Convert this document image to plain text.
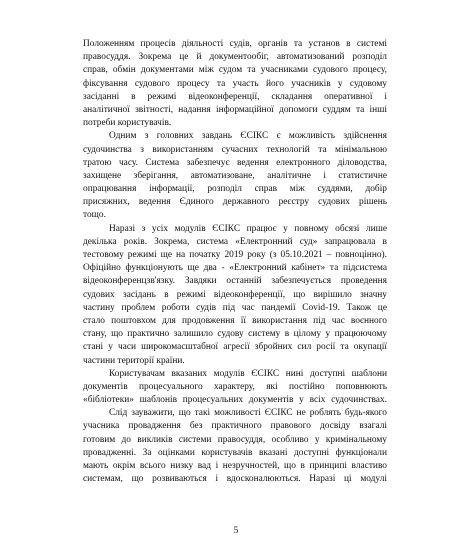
Положенням процесів діяльності судів, органів та установ в системі
правосуддя. Зокрема це й документообіг, автоматизований розподіл
справ, обмін документами між судом та учасниками судового процесу,
фіксування судового процесу та участь його учасників у судовому
засіданні в режимі відеоконференції, складання оперативної і
аналітичної звітності, надання інформаційної допомоги суддям та інші
потреби користувачів.
Одним з головних завдань ЄСІКС є можливість здійснення
судочинства з використанням сучасних технологій та мінімальною
тратою часу. Система забезпечує ведення електронного діловодства,
захищене зберігання, автоматизоване, аналітичне і статистичне
опрацювання інформації, розподіл справ між суддями, добір
присяжних, ведення Єдиного державного реєстру судових рішень
тощо.
Наразі з усіх модулів ЄСІКС працює у повному обсязі лише
декілька років. Зокрема, система «Електронний суд» запрацювала в
тестовому режимі ще на початку 2019 року (з 05.10.2021 – повноцінно).
Офіційно функціонують ще два - «Електронний кабінет» та підсистема
відеоконференцзв'язку. Завдяки останній забезпечується проведення
судових засідань в режимі відеоконференції, що вирішило значну
частину проблем роботи судів під час пандемії Covid-19. Також це
стало поштовхом для продовження її використання під час воєнного
стану, що практично залишило судову систему в цілому у працюючому
стані у часи широкомасштабної агресії збройних сил росії та окупації
частини території країни.
Користувачам вказаних модулів ЄСІКС нині доступні шаблони
документів процесуального характеру, які постійно поповнюють
«бібліотеки» шаблонів процесуальних документів у всіх судочинствах.
Слід зауважити, що такі можливості ЄСІКС не роблять будь-якого
учасника провадження без практичного правового досвіду взагалі
готовим до викликів системи правосуддя, особливо у кримінальному
провадженні. За оцінками користувачів вказані доступні функціонали
мають окрім всього низку вад і незручностей, що в принципі властиво
системам, що розвиваються і вдосконалюються. Наразі ці модулі
5
